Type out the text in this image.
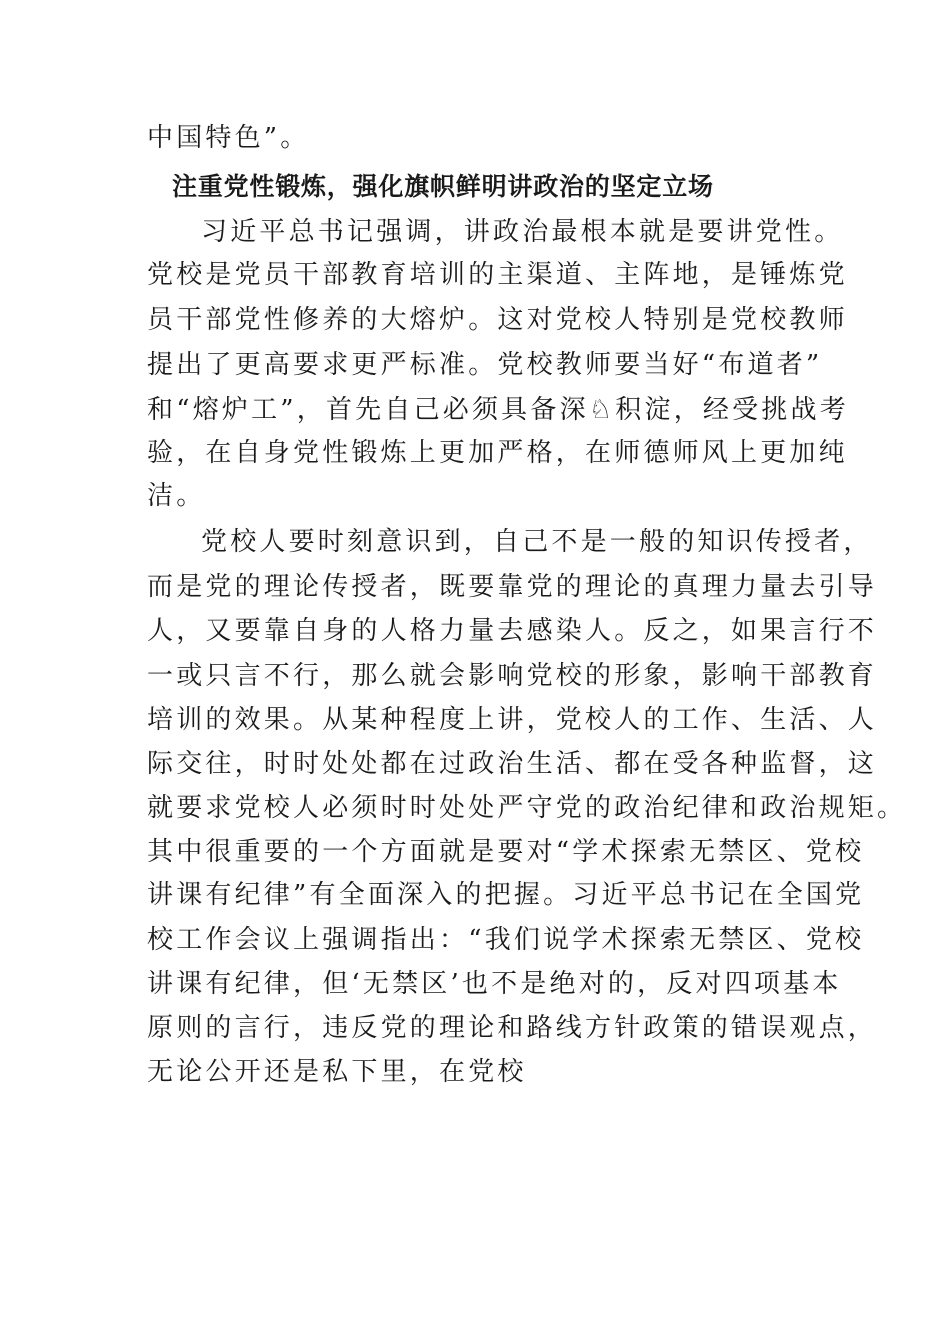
中国特色”。
注重党性锻炼，强化旗帜鲜明讲政治的坚定立场
习近平总书记强调，讲政治最根本就是要讲党性。
党校是党员干部教育培训的主渠道、主阵地，是锤炼党
员干部党性修养的大熔炉。这对党校人特别是党校教师
提出了更高要求更严标准。党校教师要当好“布道者”
和“熔炉工”，首先自己必须具备深♘积淀，经受挑战考
验，在自身党性锻炼上更加严格，在师德师风上更加纯
洁。
党校人要时刻意识到，自己不是一般的知识传授者，
而是党的理论传授者，既要靠党的理论的真理力量去引导
人，又要靠自身的人格力量去感染人。反之，如果言行不
一或只言不行，那么就会影响党校的形象，影响干部教育
培训的效果。从某种程度上讲，党校人的工作、生活、人
际交往，时时处处都在过政治生活、都在受各种监督，这
就要求党校人必须时时处处严守党的政治纪律和政治规矩。
其中很重要的一个方面就是要对“学术探索无禁区、党校
讲课有纪律”有全面深入的把握。习近平总书记在全国党
校工作会议上强调指出：“我们说学术探索无禁区、党校
讲课有纪律，但‘无禁区’也不是绝对的，反对四项基本
原则的言行，违反党的理论和路线方针政策的错误观点，
无论公开还是私下里，在党校
